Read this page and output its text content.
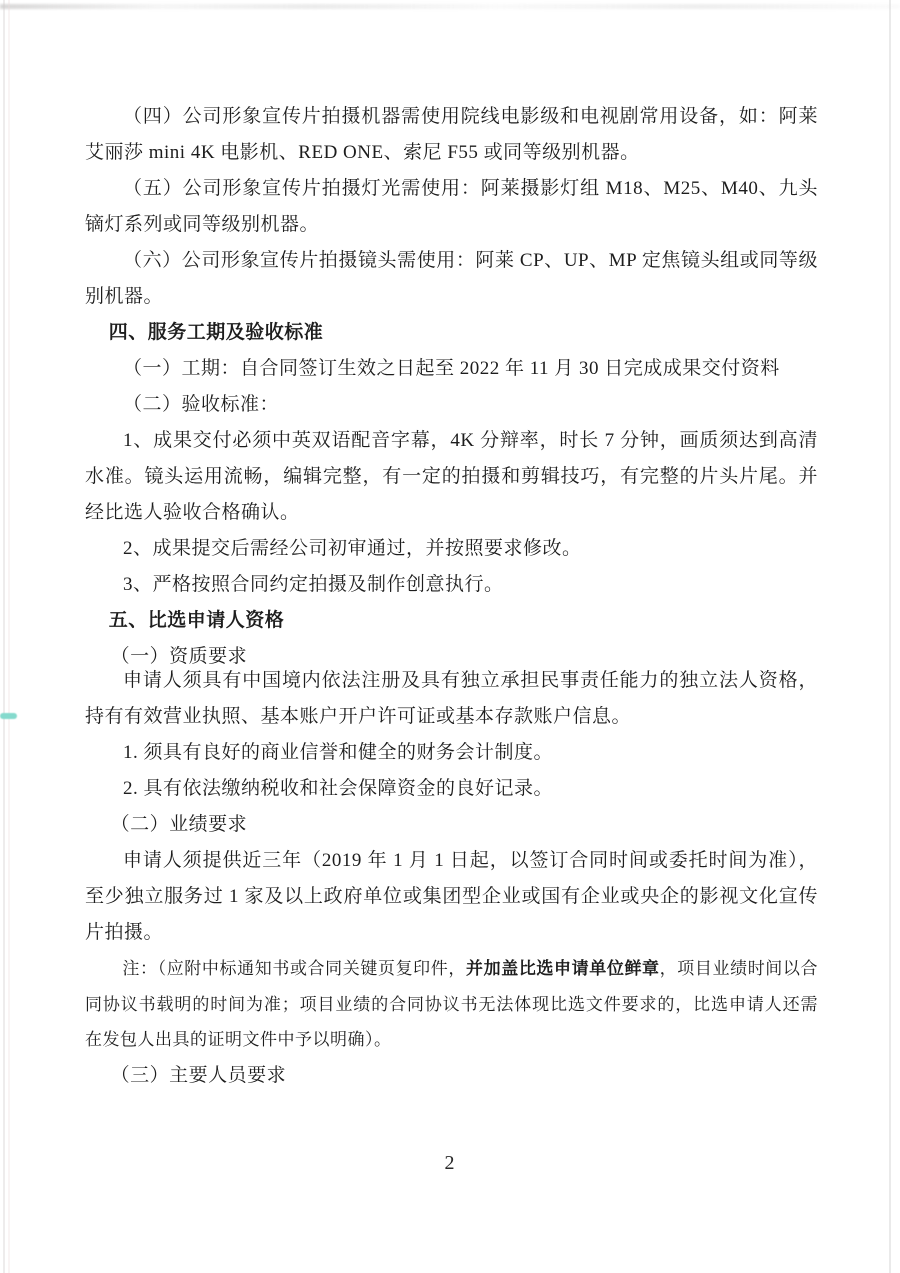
（四）公司形象宣传片拍摄机器需使用院线电影级和电视剧常用设备，如：阿莱艾丽莎 mini 4K 电影机、RED ONE、索尼 F55 或同等级别机器。

（五）公司形象宣传片拍摄灯光需使用：阿莱摄影灯组 M18、M25、M40、九头镝灯系列或同等级别机器。

（六）公司形象宣传片拍摄镜头需使用：阿莱 CP、UP、MP 定焦镜头组或同等级别机器。

四、服务工期及验收标准

（一）工期：自合同签订生效之日起至 2022 年 11 月 30 日完成成果交付资料

（二）验收标准：

1、成果交付必须中英双语配音字幕，4K 分辩率，时长 7 分钟，画质须达到高清水准。镜头运用流畅，编辑完整，有一定的拍摄和剪辑技巧，有完整的片头片尾。并经比选人验收合格确认。

2、成果提交后需经公司初审通过，并按照要求修改。

3、严格按照合同约定拍摄及制作创意执行。

五、比选申请人资格

（一）资质要求

申请人须具有中国境内依法注册及具有独立承担民事责任能力的独立法人资格，持有有效营业执照、基本账户开户许可证或基本存款账户信息。

1. 须具有良好的商业信誉和健全的财务会计制度。

2. 具有依法缴纳税收和社会保障资金的良好记录。

（二）业绩要求

申请人须提供近三年（2019 年 1 月 1 日起，以签订合同时间或委托时间为准），至少独立服务过 1 家及以上政府单位或集团型企业或国有企业或央企的影视文化宣传片拍摄。

注：（应附中标通知书或合同关键页复印件，并加盖比选申请单位鲜章，项目业绩时间以合同协议书载明的时间为准；项目业绩的合同协议书无法体现比选文件要求的，比选申请人还需在发包人出具的证明文件中予以明确）。

（三）主要人员要求

2
